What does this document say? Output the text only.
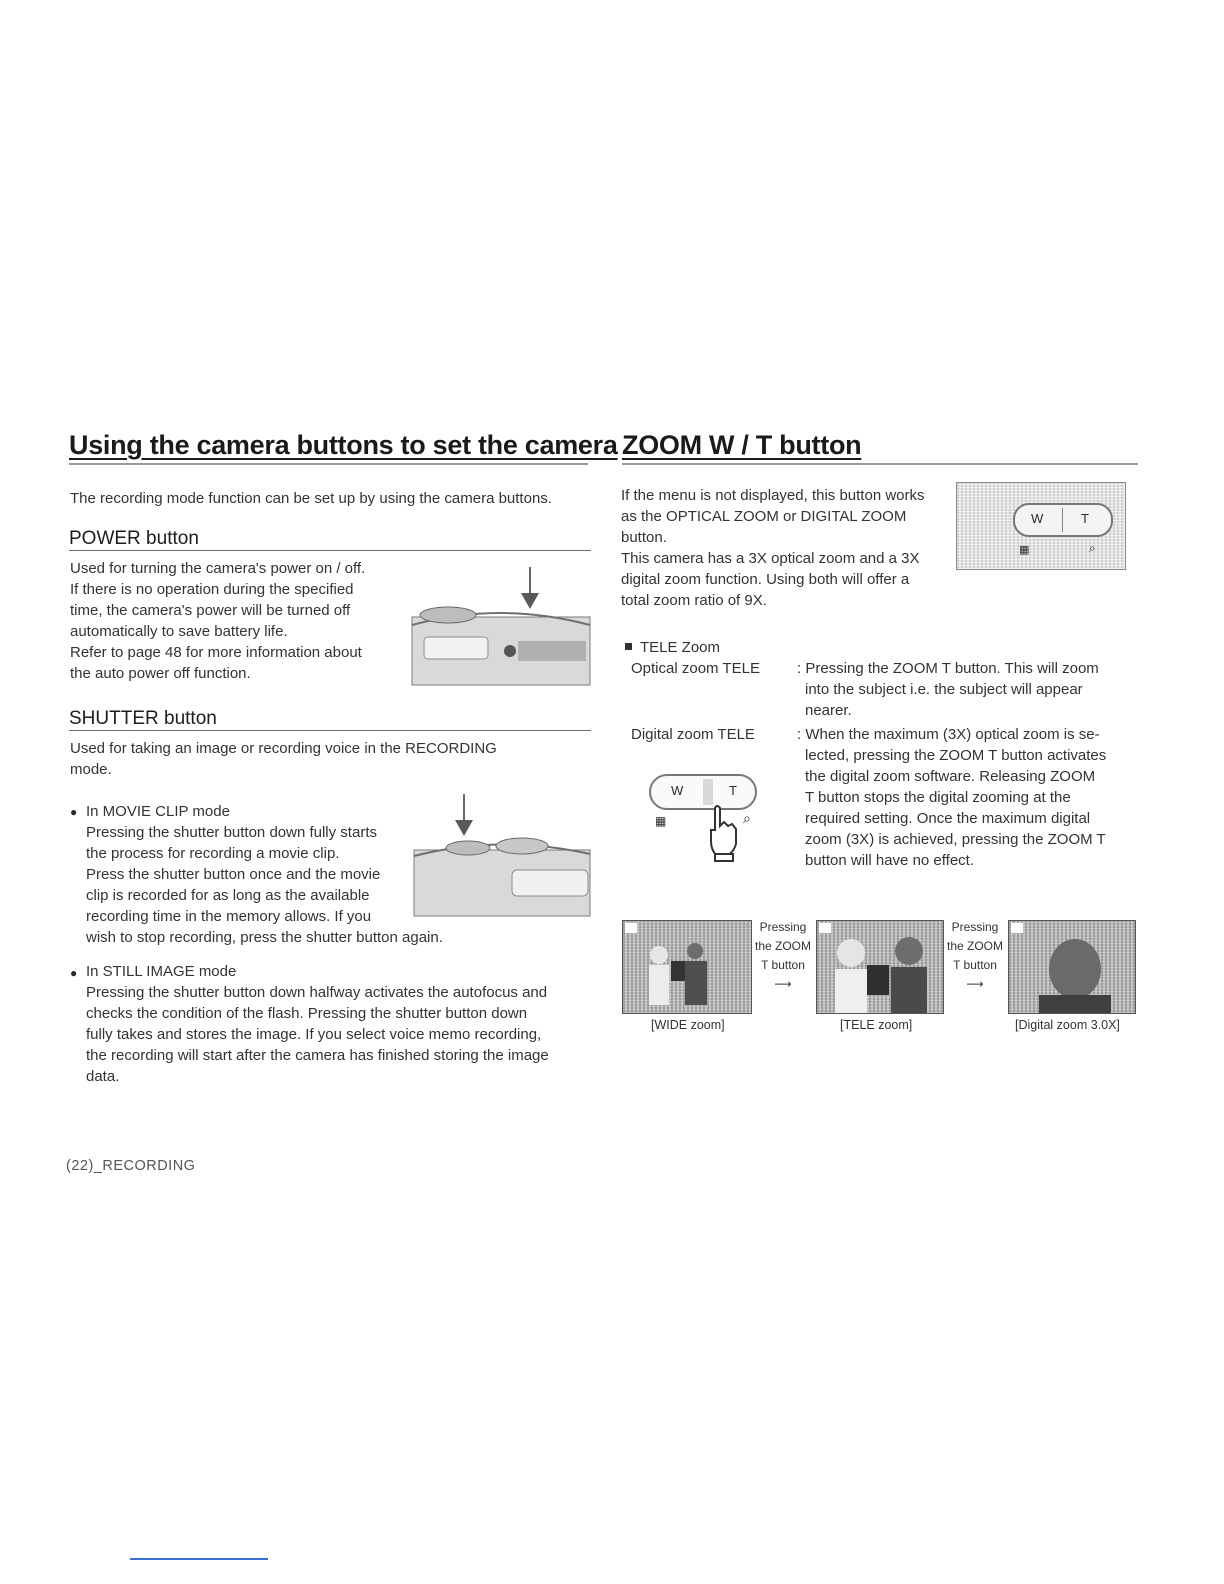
Using the camera buttons to set the camera
The recording mode function can be set up by using the camera buttons.
POWER button
Used for turning the camera's power on / off.
If there is no operation during the specified
time, the camera's power will be turned off
automatically to save battery life.
Refer to page 48 for more information about
the auto power off function.
SHUTTER button
Used for taking an image or recording voice in the RECORDING
mode.
● In MOVIE CLIP mode
Pressing the shutter button down fully starts
the process for recording a movie clip.
Press the shutter button once and the movie
clip is recorded for as long as the available
recording time in the memory allows. If you
wish to stop recording, press the shutter button again.
● In STILL IMAGE mode
Pressing the shutter button down halfway activates the autofocus and
checks the condition of the flash. Pressing the shutter button down
fully takes and stores the image. If you select voice memo recording,
the recording will start after the camera has finished storing the image
data.
ZOOM W / T button
If the menu is not displayed, this button works
as the OPTICAL ZOOM or DIGITAL ZOOM
button.
This camera has a 3X optical zoom and a 3X
digital zoom function. Using both will offer a
total zoom ratio of 9X.
W	T
▦	⌕
TELE Zoom
Optical zoom TELE : Pressing the ZOOM T button. This will zoom
into the subject i.e. the subject will appear
nearer.
Digital zoom TELE	: When the maximum (3X) optical zoom is se-
lected, pressing the ZOOM T button activates
the digital zoom software. Releasing ZOOM
T button stops the digital zooming at the
required setting. Once the maximum digital
zoom (3X) is achieved, pressing the ZOOM T
button will have no effect.
W	T
▦	⌕
Pressing
the ZOOM
T button
⟶
Pressing
the ZOOM
T button
⟶
[WIDE zoom]	[TELE zoom]	[Digital zoom 3.0X]
(22)_RECORDING
